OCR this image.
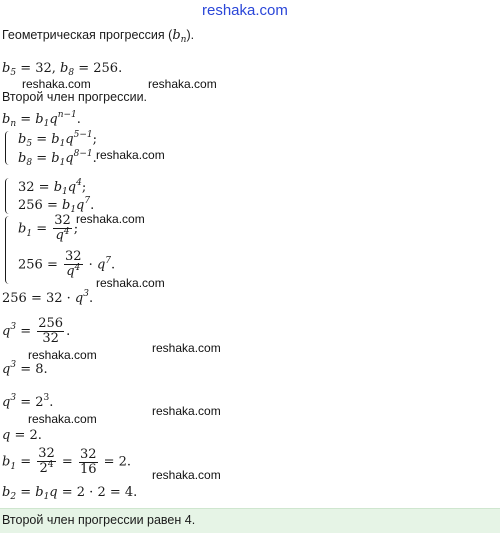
reshaka.com
Геометрическая прогрессия $(b_n)$.
$b_5 = 32$, $b_8 = 256$.
reshaka.com	reshaka.com
Второй член прогрессии.
$b_n = b_1q^{n-1}$.
$b_5 = b_1q^{5-1}$;
$b_8 = b_1q^{8-1}$. reshaka.com
$32 = b_1q^4$;
$256 = b_1q^7$.
$b_1 = \frac{32}{q^4}$ ;
reshaka.com
$256 = \frac{32}{q^4} \cdot q^7$.
reshaka.com
$256 = 32 \cdot q^3$.
$q^3 = \frac{256}{32}$ .
reshaka.com
reshaka.com
$q^3 = 8$.
$q^3 = 2^3$.
reshaka.com
reshaka.com
q = 2.
$b_1 = \frac{32}{2^4} = \frac{32}{16} = 2$.
reshaka.com
$b_2 = b_1q = 2 \cdot 2 = 4$.
Второй член прогрессии равен 4.
